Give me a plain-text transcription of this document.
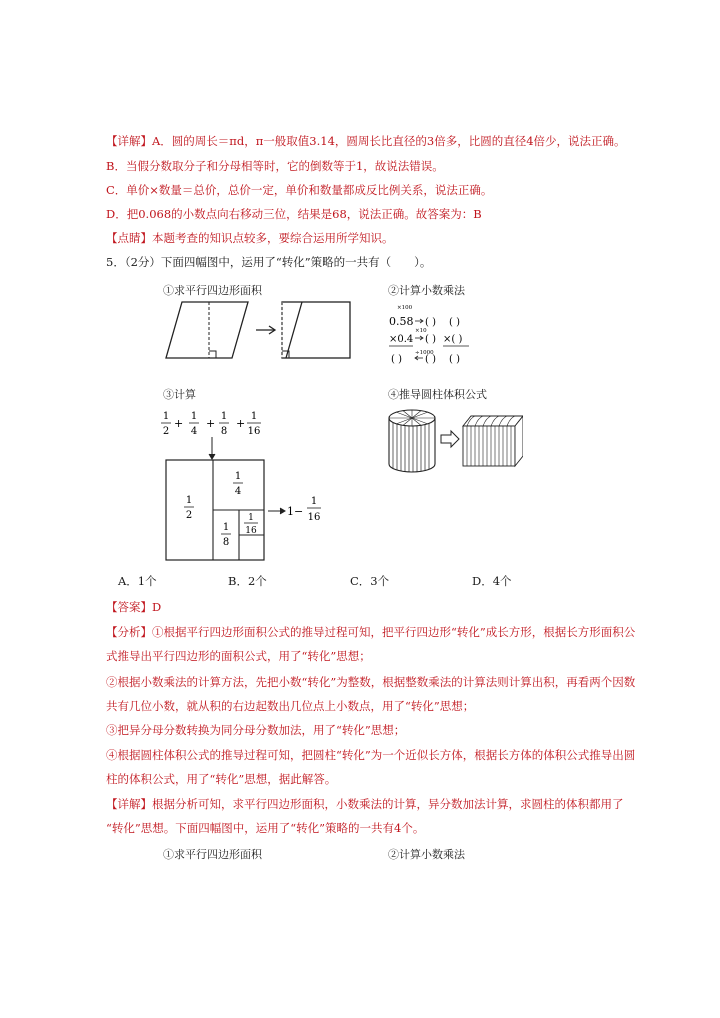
【详解】A．圆的周长＝πd，π一般取值3.14，圆周长比直径的3倍多，比圆的直径4倍少，说法正确。
B．当假分数取分子和分母相等时，它的倒数等于1，故说法错误。
C．单价×数量＝总价，总价一定，单价和数量都成反比例关系，说法正确。
D．把0.068的小数点向右移动三位，结果是68，说法正确。故答案为：B
【点睛】本题考查的知识点较多，要综合运用所学知识。
5．（2分）下面四幅图中，运用了“转化”策略的一共有（　　）。
①求平行四边形面积	②计算小数乘法
③计算	④推导圆柱体积公式
×100
0.58 ( ) ( )
×10
×0.4 ( ) ×( )
÷1000
( ) ( ) ( )
1
2
+
1
4
+
1
8
+
1
16
1
2
1
4
1
8
1
16
1−
1
16
A．1个	B．2个	C．3个	D．4个
【答案】D
【分析】①根据平行四边形面积公式的推导过程可知，把平行四边形“转化”成长方形，根据长方形面积公
式推导出平行四边形的面积公式，用了“转化”思想；
②根据小数乘法的计算方法，先把小数“转化”为整数，根据整数乘法的计算法则计算出积，再看两个因数
共有几位小数，就从积的右边起数出几位点上小数点，用了“转化”思想；
③把异分母分数转换为同分母分数加法，用了“转化”思想；
④根据圆柱体积公式的推导过程可知，把圆柱“转化”为一个近似长方体，根据长方体的体积公式推导出圆
柱的体积公式，用了“转化”思想，据此解答。
【详解】根据分析可知，求平行四边形面积，小数乘法的计算，异分数加法计算，求圆柱的体积都用了
“转化”思想。下面四幅图中，运用了“转化”策略的一共有4个。
①求平行四边形面积	②计算小数乘法
